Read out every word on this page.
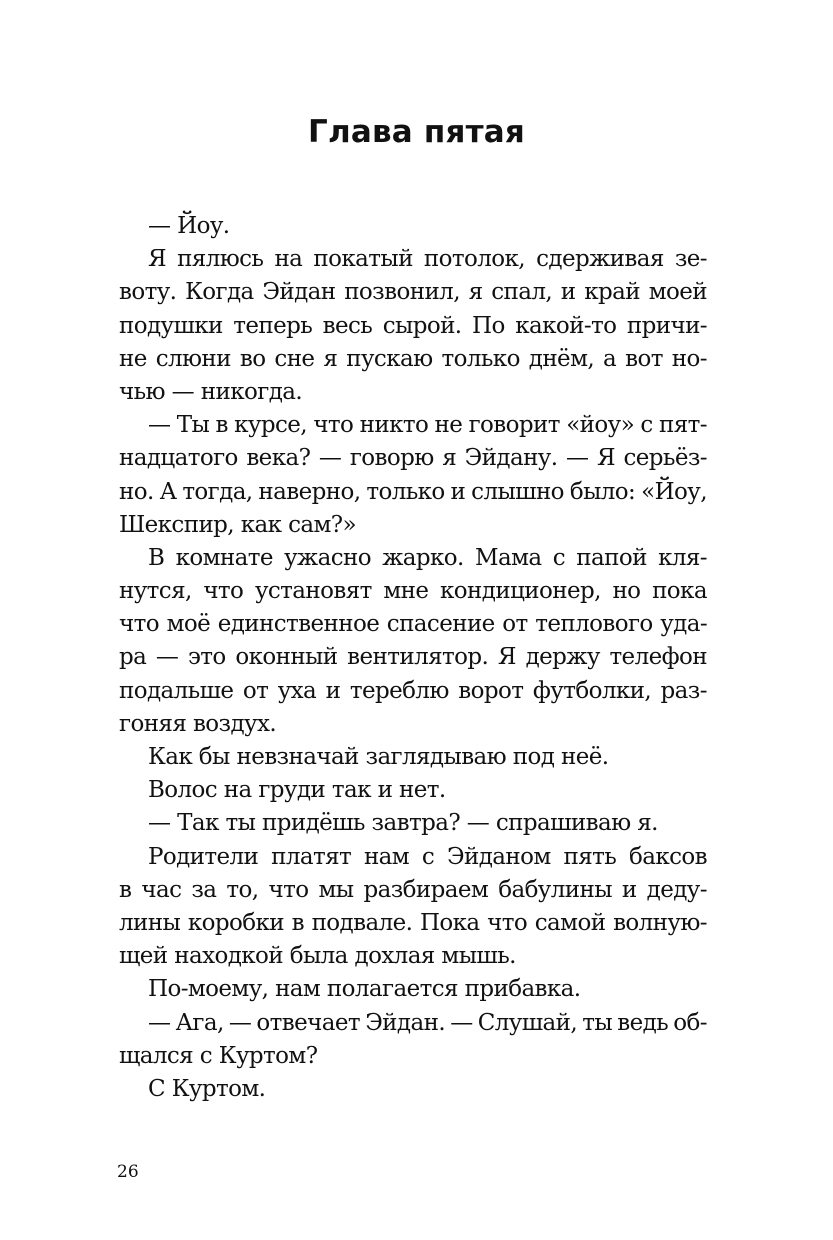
Глава пятая
— Йоу.
Я пялюсь на покатый потолок, сдерживая зе-
воту. Когда Эйдан позвонил, я спал, и край моей
подушки теперь весь сырой. По какой-то причи-
не слюни во сне я пускаю только днём, а вот но-
чью — никогда.
— Ты в курсе, что никто не говорит «йоу» с пят-
надцатого века? — говорю я Эйдану. — Я серьёз-
но. А тогда, наверно, только и слышно было: «Йоу,
Шекспир, как сам?»
В комнате ужасно жарко. Мама с папой кля-
нутся, что установят мне кондиционер, но пока
что моё единственное спасение от теплового уда-
ра — это оконный вентилятор. Я держу телефон
подальше от уха и тереблю ворот футболки, раз-
гоняя воздух.
Как бы невзначай заглядываю под неё.
Волос на груди так и нет.
— Так ты придёшь завтра? — спрашиваю я.
Родители платят нам с Эйданом пять баксов
в час за то, что мы разбираем бабулины и деду-
лины коробки в подвале. Пока что самой волную-
щей находкой была дохлая мышь.
По-моему, нам полагается прибавка.
— Ага, — отвечает Эйдан. — Слушай, ты ведь об-
щался с Куртом?
С Куртом.
26
